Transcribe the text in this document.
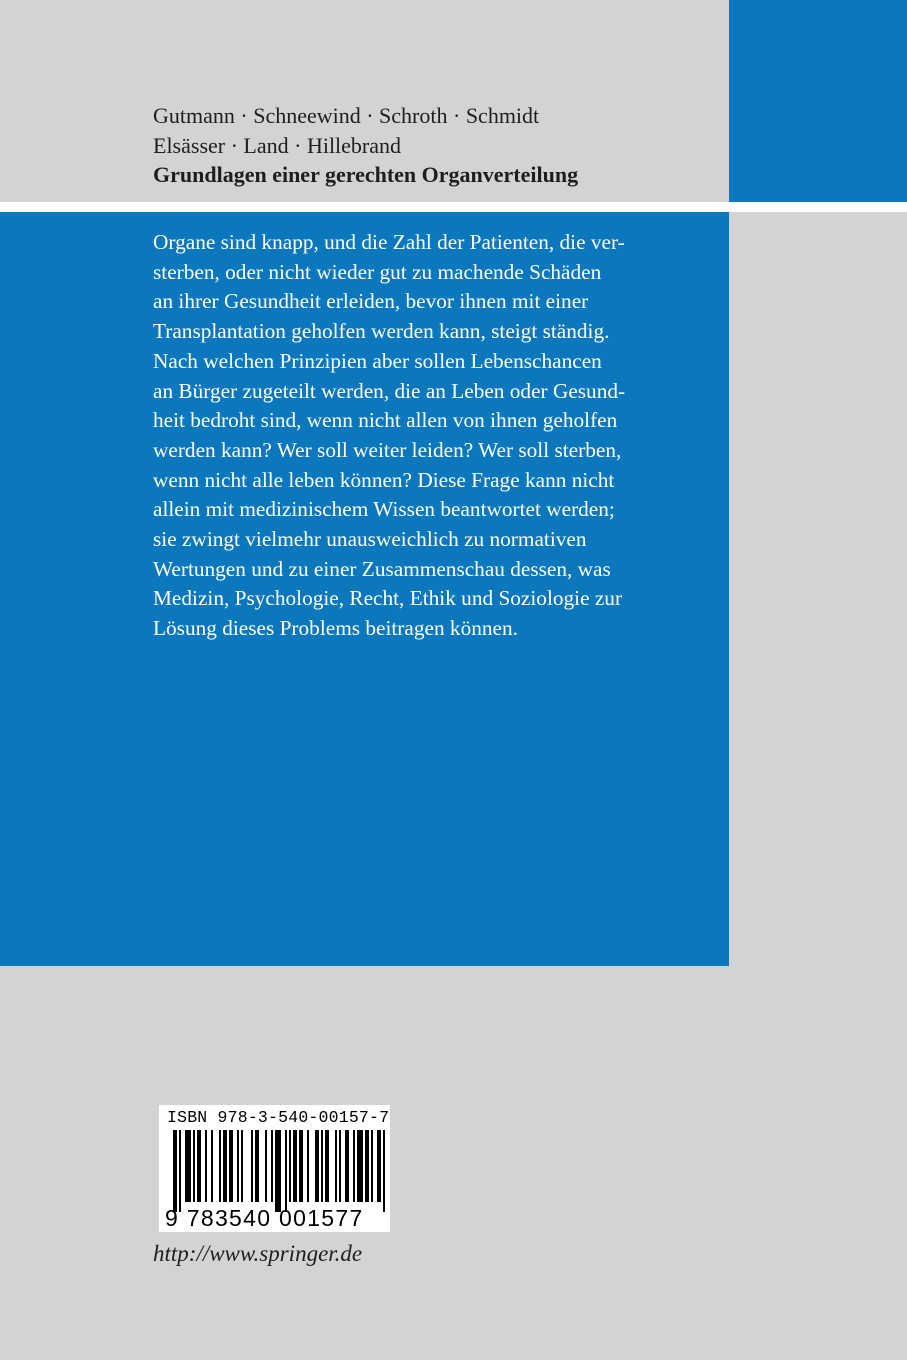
Gutmann · Schneewind · Schroth · Schmidt
Elsässer · Land · Hillebrand
Grundlagen einer gerechten Organverteilung
Organe sind knapp, und die Zahl der Patienten, die ver-
sterben, oder nicht wieder gut zu machende Schäden
an ihrer Gesundheit erleiden, bevor ihnen mit einer
Transplantation geholfen werden kann, steigt ständig.
Nach welchen Prinzipien aber sollen Lebenschancen
an Bürger zugeteilt werden, die an Leben oder Gesund-
heit bedroht sind, wenn nicht allen von ihnen geholfen
werden kann? Wer soll weiter leiden? Wer soll sterben,
wenn nicht alle leben können? Diese Frage kann nicht
allein mit medizinischem Wissen beantwortet werden;
sie zwingt vielmehr unausweichlich zu normativen
Wertungen und zu einer Zusammenschau dessen, was
Medizin, Psychologie, Recht, Ethik und Soziologie zur
Lösung dieses Problems beitragen können.
ISBN 978-3-540-00157-7
9 783540 001577
http://www.springer.de
